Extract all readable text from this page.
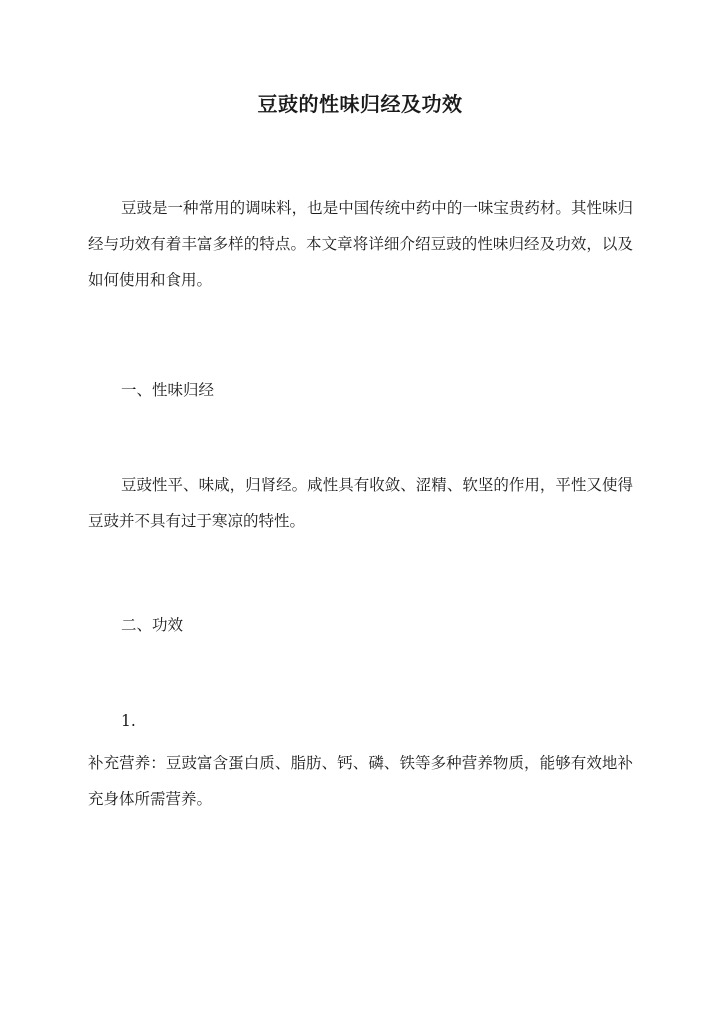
豆豉的性味归经及功效
豆豉是一种常用的调味料，也是中国传统中药中的一味宝贵药材。其性味归经与功效有着丰富多样的特点。本文章将详细介绍豆豉的性味归经及功效，以及如何使用和食用。
一、性味归经
豆豉性平、味咸，归肾经。咸性具有收敛、涩精、软坚的作用，平性又使得豆豉并不具有过于寒凉的特性。
二、功效
1.
补充营养：豆豉富含蛋白质、脂肪、钙、磷、铁等多种营养物质，能够有效地补充身体所需营养。
